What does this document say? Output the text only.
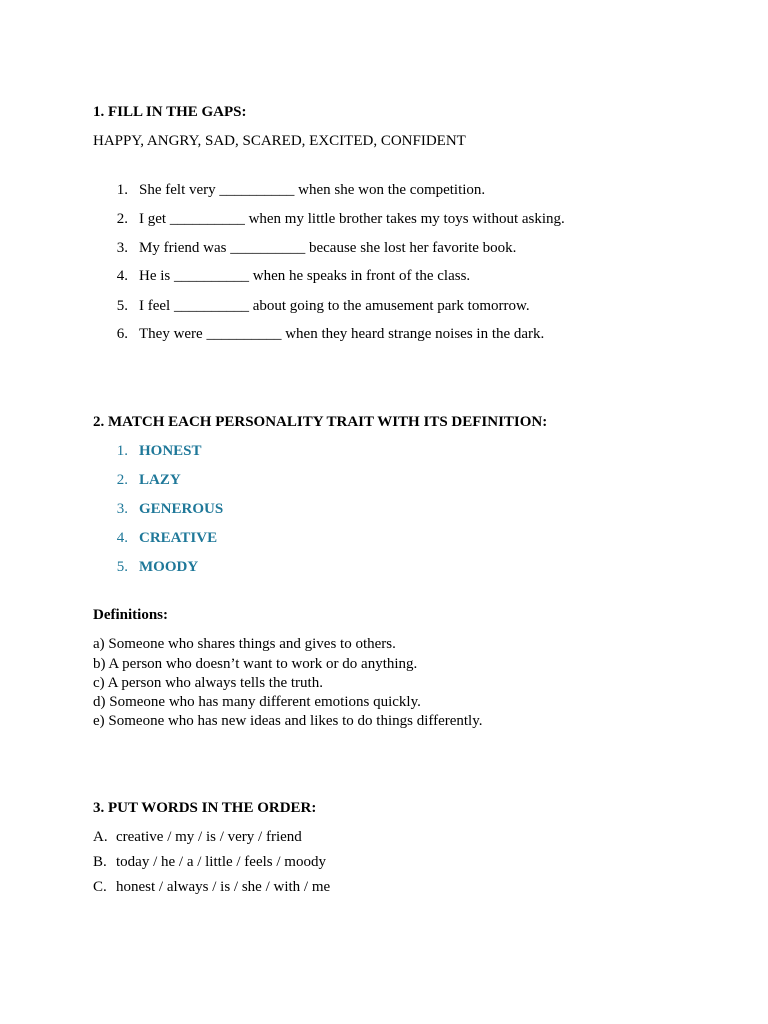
1. FILL IN THE GAPS:
HAPPY, ANGRY, SAD, SCARED, EXCITED, CONFIDENT
1. She felt very __________ when she won the competition.
2. I get __________ when my little brother takes my toys without asking.
3. My friend was __________ because she lost her favorite book.
4. He is __________ when he speaks in front of the class.
5. I feel __________ about going to the amusement park tomorrow.
6. They were __________ when they heard strange noises in the dark.
2. MATCH EACH PERSONALITY TRAIT WITH ITS DEFINITION:
1. HONEST
2. LAZY
3. GENEROUS
4. CREATIVE
5. MOODY
Definitions:
a) Someone who shares things and gives to others.
b) A person who doesn’t want to work or do anything.
c) A person who always tells the truth.
d) Someone who has many different emotions quickly.
e) Someone who has new ideas and likes to do things differently.
3. PUT WORDS IN THE ORDER:
A. creative / my / is / very / friend
B. today / he / a / little / feels / moody
C. honest / always / is / she / with / me
